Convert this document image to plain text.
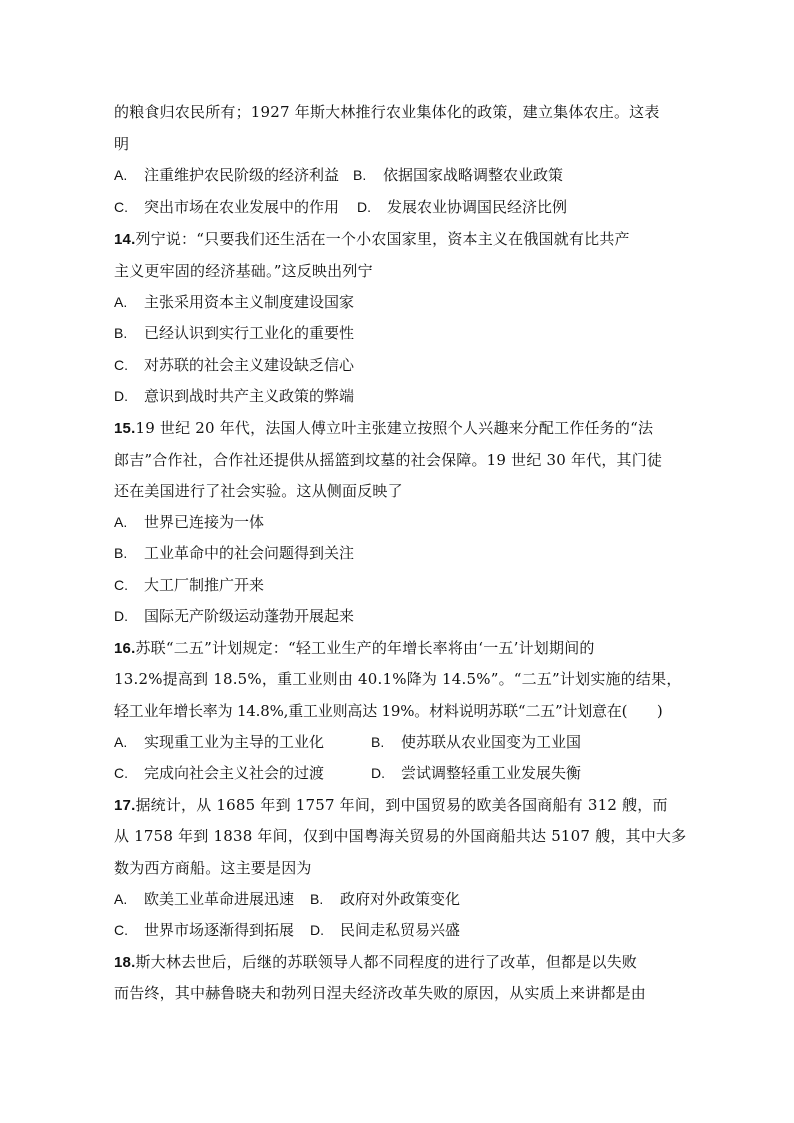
的粮食归农民所有；1927 年斯大林推行农业集体化的政策，建立集体农庄。这表
明
A. 注重维护农民阶级的经济利益 B. 依据国家战略调整农业政策
C. 突出市场在农业发展中的作用 D. 发展农业协调国民经济比例
14.列宁说：“只要我们还生活在一个小农国家里，资本主义在俄国就有比共产
主义更牢固的经济基础。”这反映出列宁
A. 主张采用资本主义制度建设国家
B. 已经认识到实行工业化的重要性
C. 对苏联的社会主义建设缺乏信心
D. 意识到战时共产主义政策的弊端
15.19 世纪 20 年代，法国人傅立叶主张建立按照个人兴趣来分配工作任务的“法
郎吉”合作社，合作社还提供从摇篮到坟墓的社会保障。19 世纪 30 年代，其门徒
还在美国进行了社会实验。这从侧面反映了
A. 世界已连接为一体
B. 工业革命中的社会问题得到关注
C. 大工厂制推广开来
D. 国际无产阶级运动蓬勃开展起来
16.苏联“二五”计划规定：“轻工业生产的年增长率将由‘一五’计划期间的
13.2%提高到 18.5%，重工业则由 40.1%降为 14.5%”。“二五”计划实施的结果，
轻工业年增长率为 14.8%,重工业则高达 19%。材料说明苏联“二五”计划意在(　　)
A. 实现重工业为主导的工业化	B. 使苏联从农业国变为工业国
C. 完成向社会主义社会的过渡	D. 尝试调整轻重工业发展失衡
17.据统计，从 1685 年到 1757 年间，到中国贸易的欧美各国商船有 312 艘，而
从 1758 年到 1838 年间，仅到中国粤海关贸易的外国商船共达 5107 艘，其中大多
数为西方商船。这主要是因为
A. 欧美工业革命进展迅速 B. 政府对外政策变化
C. 世界市场逐渐得到拓展 D. 民间走私贸易兴盛
18.斯大林去世后，后继的苏联领导人都不同程度的进行了改革，但都是以失败
而告终，其中赫鲁晓夫和勃列日涅夫经济改革失败的原因，从实质上来讲都是由
